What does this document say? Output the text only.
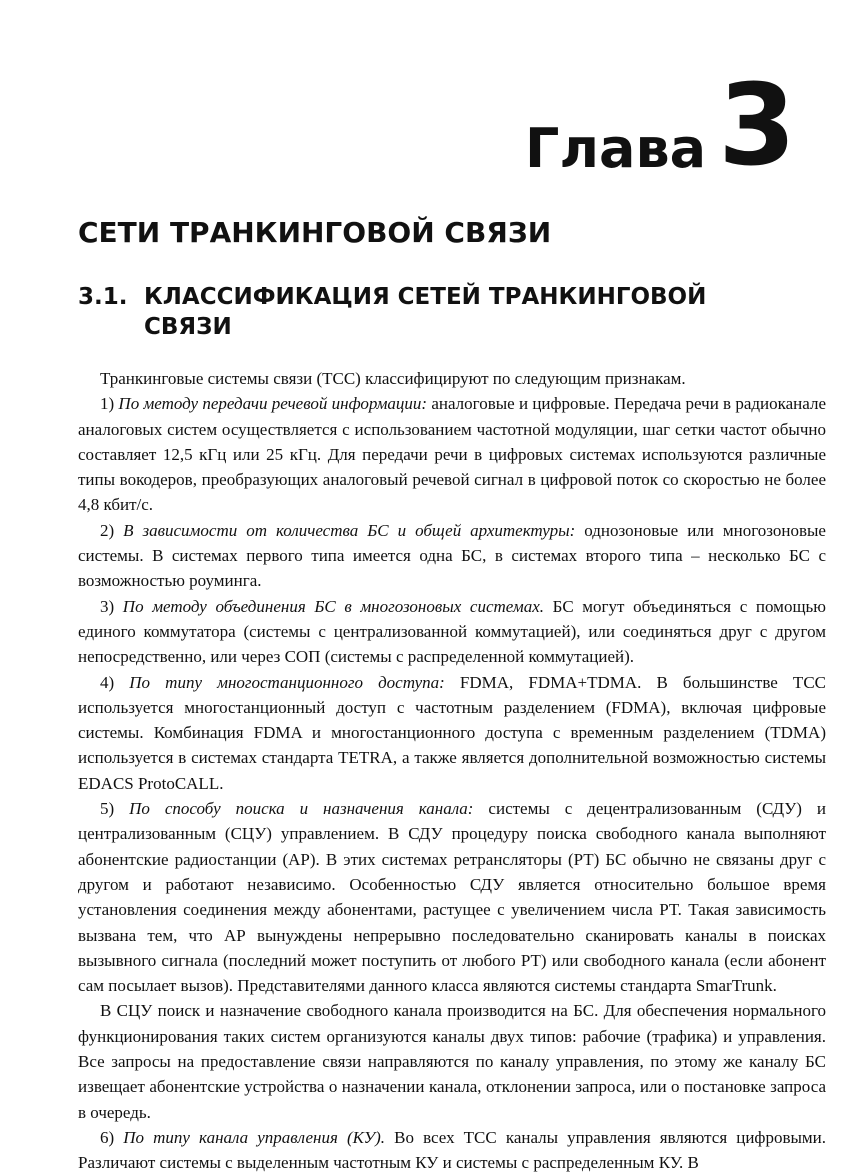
Глава 3
СЕТИ ТРАНКИНГОВОЙ СВЯЗИ
3.1. КЛАССИФИКАЦИЯ СЕТЕЙ ТРАНКИНГОВОЙ
СВЯЗИ

Транкинговые системы связи (ТСС) классифицируют по следующим признакам.

1) По методу передачи речевой информации: аналоговые и цифровые. Передача речи в радиоканале аналоговых систем осуществляется с использованием частотной модуляции, шаг сетки частот обычно составляет 12,5 кГц или 25 кГц. Для передачи речи в цифровых системах используются различные типы вокодеров, преобразующих аналоговый речевой сигнал в цифровой поток со скоростью не более 4,8 кбит/с.

2) В зависимости от количества БС и общей архитектуры: однозоновые или многозоновые системы. В системах первого типа имеется одна БС, в системах второго типа – несколько БС с возможностью роуминга.

3) По методу объединения БС в многозоновых системах. БС могут объединяться с помощью единого коммутатора (системы с централизованной коммутацией), или соединяться друг с другом непосредственно, или через СОП (системы с распределенной коммутацией).

4) По типу многостанционного доступа: FDMA, FDMA+TDMA. В большинстве ТСС используется многостанционный доступ с частотным разделением (FDMA), включая цифровые системы. Комбинация FDMA и многостанционного доступа с временным разделением (TDMA) используется в системах стандарта TETRA, а также является дополнительной возможностью системы EDACS ProtoCALL.

5) По способу поиска и назначения канала: системы с децентрализованным (СДУ) и централизованным (СЦУ) управлением. В СДУ процедуру поиска свободного канала выполняют абонентские радиостанции (АР). В этих системах ретрансляторы (РТ) БС обычно не связаны друг с другом и работают независимо. Особенностью СДУ является относительно большое время установления соединения между абонентами, растущее с увеличением числа РТ. Такая зависимость вызвана тем, что АР вынуждены непрерывно последовательно сканировать каналы в поисках вызывного сигнала (последний может поступить от любого РТ) или свободного канала (если абонент сам посылает вызов). Представителями данного класса являются системы стандарта SmarTrunk.

В СЦУ поиск и назначение свободного канала производится на БС. Для обеспечения нормального функционирования таких систем организуются каналы двух типов: рабочие (трафика) и управления. Все запросы на предоставление связи направляются по каналу управления, по этому же каналу БС извещает абонентские устройства о назначении канала, отклонении запроса, или о постановке запроса в очередь.

6) По типу канала управления (КУ). Во всех ТСС каналы управления являются цифровыми. Различают системы с выделенным частотным КУ и системы с распределенным КУ. В
